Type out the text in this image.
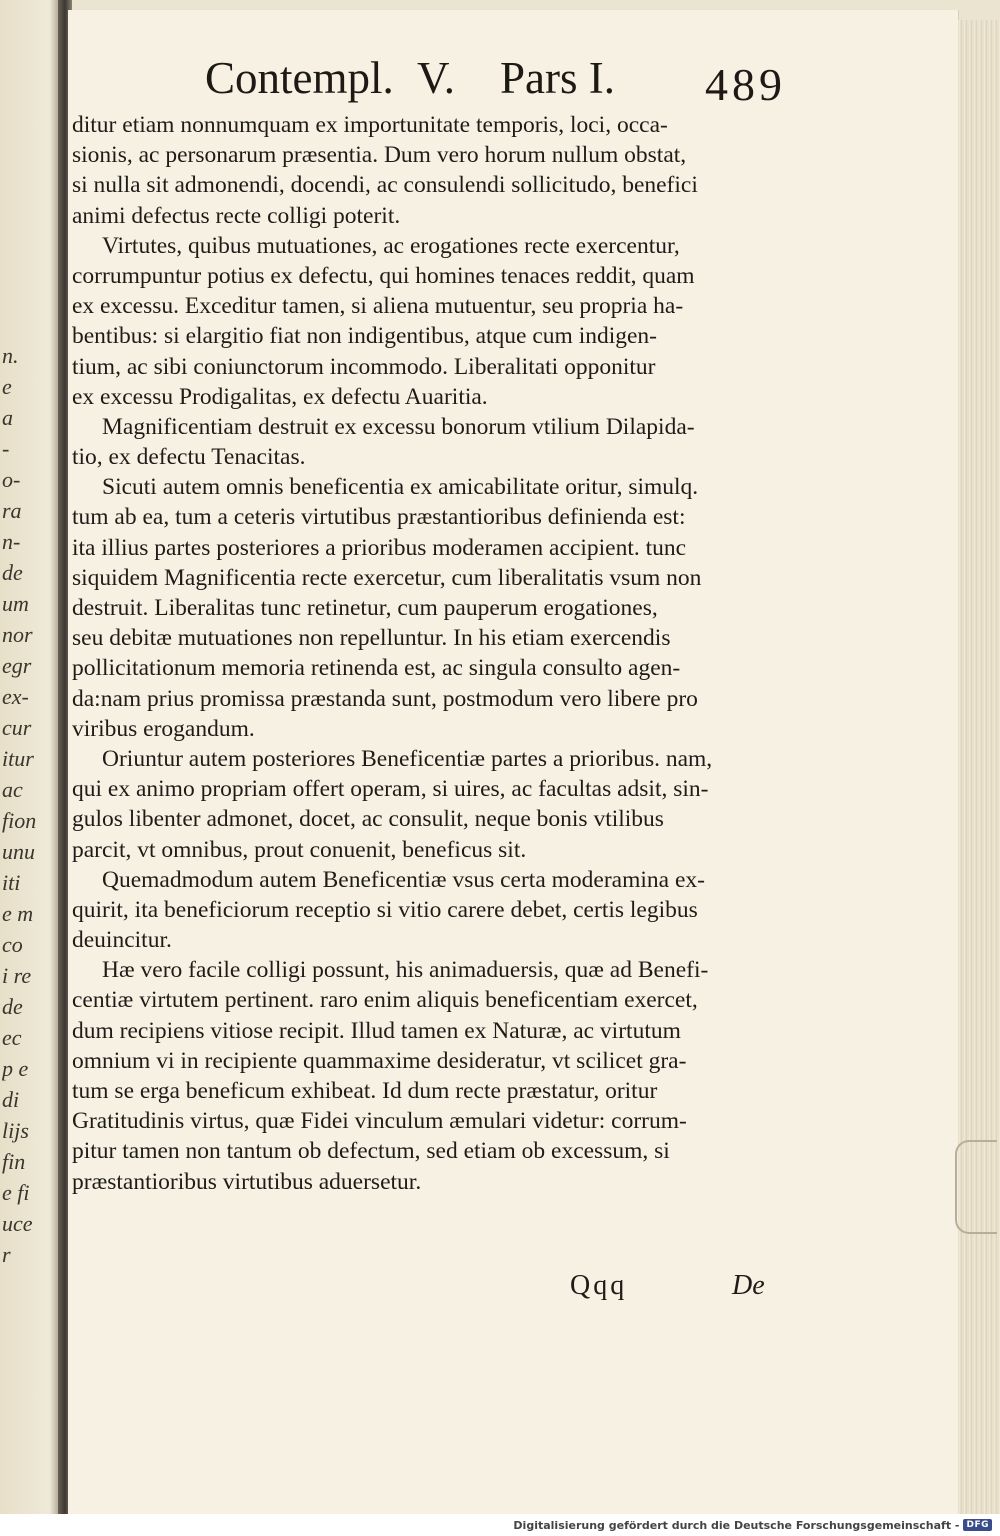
n.
e
a
-
o-
ra
n-
de
um
nor
egr
ex-
cur
itur
ac
fion
unu
iti
e m
co
i re
de
ec
p e
di
lijs
fin
e fi
uce
r
Contempl. V. Pars I. 489
ditur etiam nonnumquam ex importunitate temporis, loci, occa-
sionis, ac personarum præsentia. Dum vero horum nullum obstat,
si nulla sit admonendi, docendi, ac consulendi sollicitudo, benefici
animi defectus recte colligi poterit.
Virtutes, quibus mutuationes, ac erogationes recte exercentur,
corrumpuntur potius ex defectu, qui homines tenaces reddit, quam
ex excessu. Exceditur tamen, si aliena mutuentur, seu propria ha-
bentibus: si elargitio fiat non indigentibus, atque cum indigen-
tium, ac sibi coniunctorum incommodo. Liberalitati opponitur
ex excessu Prodigalitas, ex defectu Auaritia.
Magnificentiam destruit ex excessu bonorum vtilium Dilapida-
tio, ex defectu Tenacitas.
Sicuti autem omnis beneficentia ex amicabilitate oritur, simulq.
tum ab ea, tum a ceteris virtutibus præstantioribus definienda est:
ita illius partes posteriores a prioribus moderamen accipient. tunc
siquidem Magnificentia recte exercetur, cum liberalitatis vsum non
destruit. Liberalitas tunc retinetur, cum pauperum erogationes,
seu debitæ mutuationes non repelluntur. In his etiam exercendis
pollicitationum memoria retinenda est, ac singula consulto agen-
da:nam prius promissa præstanda sunt, postmodum vero libere pro
viribus erogandum.
Oriuntur autem posteriores Beneficentiæ partes a prioribus. nam,
qui ex animo propriam offert operam, si uires, ac facultas adsit, sin-
gulos libenter admonet, docet, ac consulit, neque bonis vtilibus
parcit, vt omnibus, prout conuenit, beneficus sit.
Quemadmodum autem Beneficentiæ vsus certa moderamina ex-
quirit, ita beneficiorum receptio si vitio carere debet, certis legibus
deuincitur.
Hæ vero facile colligi possunt, his animaduersis, quæ ad Benefi-
centiæ virtutem pertinent. raro enim aliquis beneficentiam exercet,
dum recipiens vitiose recipit. Illud tamen ex Naturæ, ac virtutum
omnium vi in recipiente quammaxime desideratur, vt scilicet gra-
tum se erga beneficum exhibeat. Id dum recte præstatur, oritur
Gratitudinis virtus, quæ Fidei vinculum æmulari videtur: corrum-
pitur tamen non tantum ob defectum, sed etiam ob excessum, si
præstantioribus virtutibus aduersetur.
Qqq	De
Digitalisierung gefördert durch die Deutsche Forschungsgemeinschaft - DFG
